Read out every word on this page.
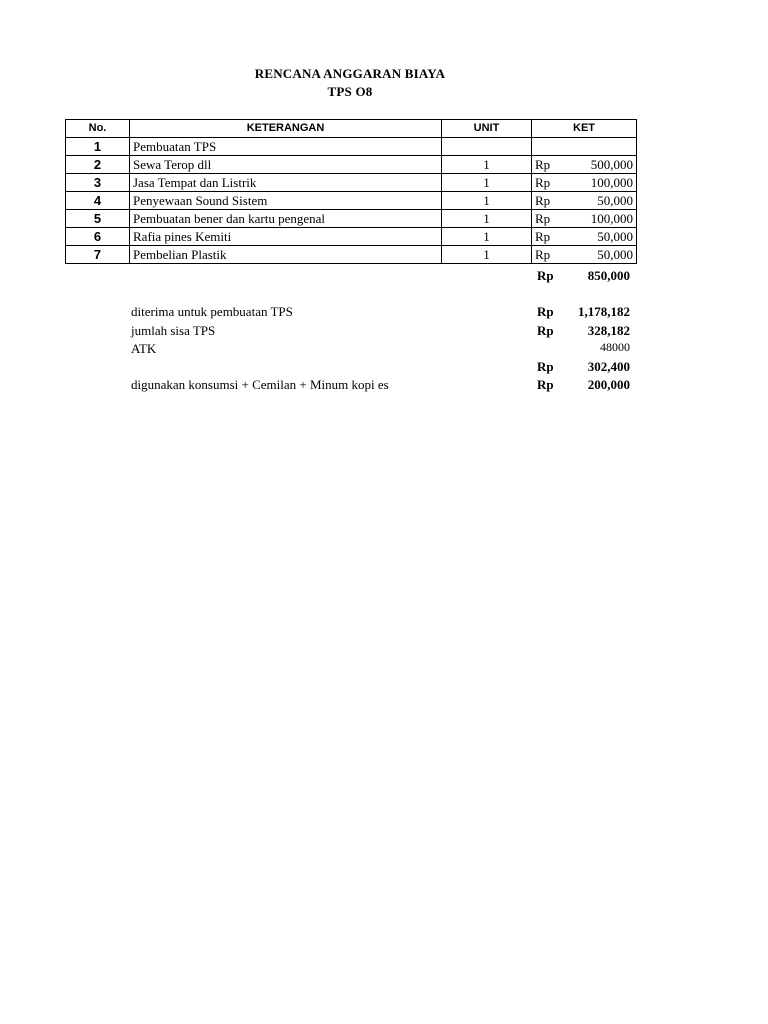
RENCANA ANGGARAN BIAYA
TPS O8
No.	KETERANGAN	UNIT	KET	
1	Pembuatan TPS			
2	Sewa Terop dll	1	Rp	500,000
3	Jasa Tempat dan Listrik	1	Rp	100,000
4	Penyewaan Sound Sistem	1	Rp	50,000
5	Pembuatan bener dan kartu pengenal	1	Rp	100,000
6	Rafia pines Kemiti	1	Rp	50,000
7	Pembelian Plastik	1	Rp	50,000
Rp	850,000
diterima untuk pembuatan TPS	Rp 1,178,182
jumlah sisa TPS	Rp	328,182
ATK	48000
Rp	302,400
digunakan konsumsi + Cemilan + Minum kopi es	Rp	200,000
